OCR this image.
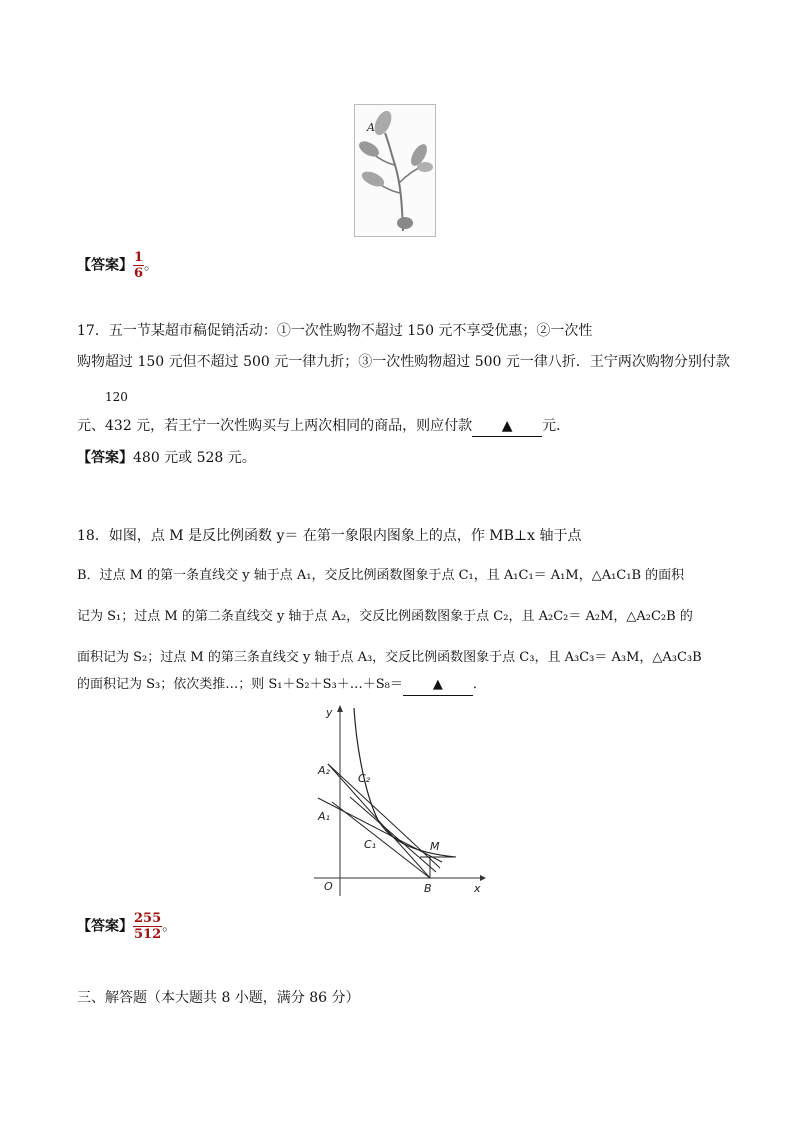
A
【答案】 $\frac{1}{6}$ 。
17．五一节某超市稿促销活动：①一次性购物不超过 150 元不享受优惠；②一次性
购物超过 150 元但不超过 500 元一律九折；③一次性购物超过 500 元一律八折．王宁两次购物分别付款
120
元、432 元，若王宁一次性购买与上两次相同的商品，则应付款 ▲ 元．
【答案】480 元或 528 元。
18．如图，点 M 是反比例函数 y＝ 在第一象限内图象上的点，作 MB⊥x 轴于点
B．过点 M 的第一条直线交 y 轴于点 A₁，交反比例函数图象于点 C₁，且 A₁C₁＝ A₁M，△A₁C₁B 的面积
记为 S₁；过点 M 的第二条直线交 y 轴于点 A₂，交反比例函数图象于点 C₂，且 A₂C₂＝ A₂M，△A₂C₂B 的
面积记为 S₂；过点 M 的第三条直线交 y 轴于点 A₃，交反比例函数图象于点 C₃，且 A₃C₃＝ A₃M，△A₃C₃B
的面积记为 S₃；依次类推…；则 S₁＋S₂＋S₃＋…＋S₈＝ ▲ ．
y
x
O
A₂
A₁
C₂
C₁	M
B
【答案】 $\frac{255}{512}$ 。
三、解答题（本大题共 8 小题，满分 86 分）
